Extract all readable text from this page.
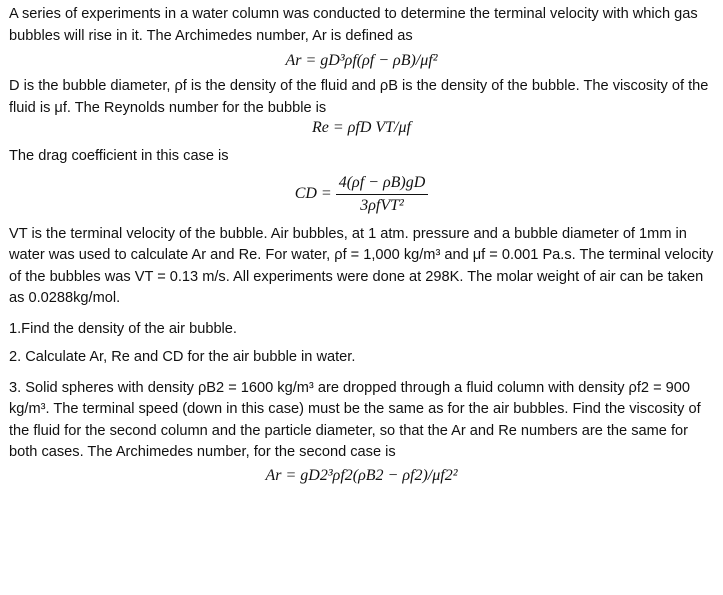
A series of experiments in a water column was conducted to determine the terminal velocity with which gas bubbles will rise in it. The Archimedes number, Ar is defined as

Ar = gD³ρf(ρf − ρB)/μf²

D is the bubble diameter, ρf is the density of the fluid and ρB is the density of the bubble. The viscosity of the fluid is μf. The Reynolds number for the bubble is

Re = ρfD VT/μf

The drag coefficient in this case is

CD = $\frac{4(\rho f - \rho B)gD}{\text{3ρfVT²}}$

VT is the terminal velocity of the bubble. Air bubbles, at 1 atm. pressure and a bubble diameter of 1mm in water was used to calculate Ar and Re. For water, ρf = 1,000 kg/m³ and μf = 0.001 Pa.s. The terminal velocity of the bubbles was VT = 0.13 m/s. All experiments were done at 298K. The molar weight of air can be taken as 0.0288kg/mol.

1.Find the density of the air bubble.

2. Calculate Ar, Re and CD for the air bubble in water.

3. Solid spheres with density ρB2 = 1600 kg/m³ are dropped through a fluid column with density ρf2 = 900 kg/m³. The terminal speed (down in this case) must be the same as for the air bubbles. Find the viscosity of the fluid for the second column and the particle diameter, so that the Ar and Re numbers are the same for both cases. The Archimedes number, for the second case is

Ar = gD2³ρf2(ρB2 − ρf2)/μf2²
